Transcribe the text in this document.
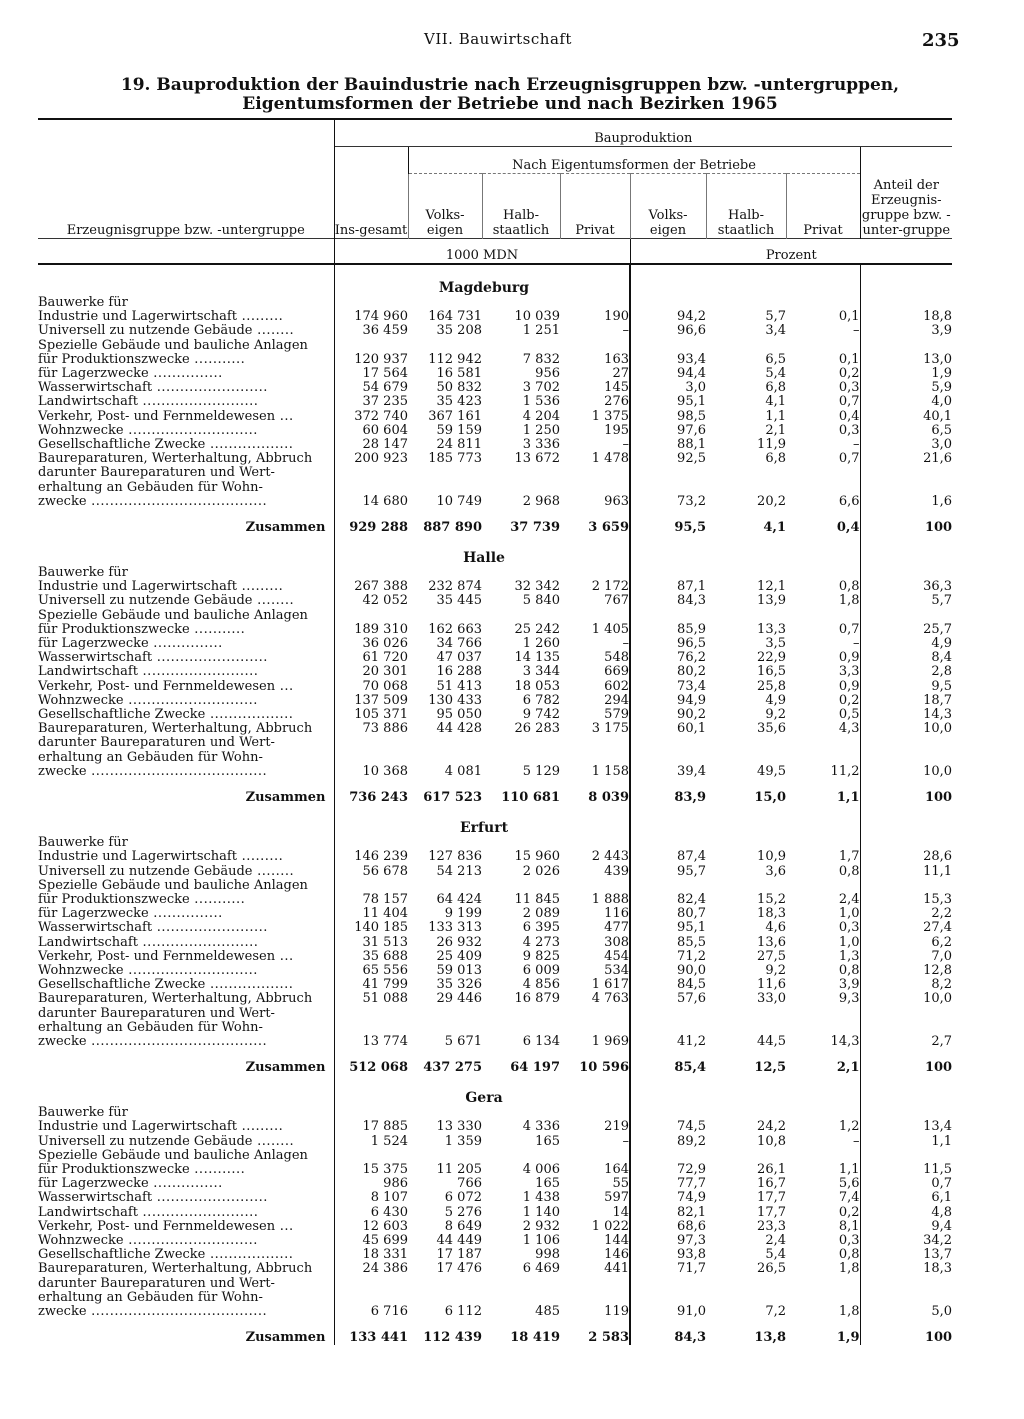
VII. Bauwirtschaft	235
19. Bauproduktion der Bauindustrie nach Erzeugnisgruppen bzw. -untergruppen,
Eigentumsformen der Betriebe und nach Bezirken 1965
Erzeugnisgruppe bzw. -untergruppe	Bauproduktion							
	Ins-gesamt	Nach Eigentumsformen der Betriebe						Anteil der Erzeugnis-gruppe bzw. -unter-gruppe
		Volks-eigen	Halb-staatlich	Privat	Volks-eigen	Halb-staatlich	Privat	
	1000 MDN				Prozent			
		Magdeburg						
Bauwerke für								
Industrie und Lagerwirtschaft .........	174 960	164 731	10 039	190	94,2	5,7	0,1	18,8
Universell zu nutzende Gebäude ........	36 459	35 208	1 251	–	96,6	3,4	–	3,9
Spezielle Gebäude und bauliche Anlagen								
für Produktionszwecke ...........	120 937	112 942	7 832	163	93,4	6,5	0,1	13,0
für Lagerzwecke ...............	17 564	16 581	956	27	94,4	5,4	0,2	1,9
Wasserwirtschaft ........................	54 679	50 832	3 702	145	3,0	6,8	0,3	5,9
Landwirtschaft .........................	37 235	35 423	1 536	276	95,1	4,1	0,7	4,0
Verkehr, Post- und Fernmeldewesen ...	372 740	367 161	4 204	1 375	98,5	1,1	0,4	40,1
Wohnzwecke ............................	60 604	59 159	1 250	195	97,6	2,1	0,3	6,5
Gesellschaftliche Zwecke ..................	28 147	24 811	3 336	–	88,1	11,9	–	3,0
Baureparaturen, Werterhaltung, Abbruch	200 923	185 773	13 672	1 478	92,5	6,8	0,7	21,6
darunter Baureparaturen und Wert-								
erhaltung an Gebäuden für Wohn-								
zwecke ......................................	14 680	10 749	2 968	963	73,2	20,2	6,6	1,6
Zusammen	929 288	887 890	37 739	3 659	95,5	4,1	0,4	100
		Halle						
Bauwerke für								
Industrie und Lagerwirtschaft .........	267 388	232 874	32 342	2 172	87,1	12,1	0,8	36,3
Universell zu nutzende Gebäude ........	42 052	35 445	5 840	767	84,3	13,9	1,8	5,7
Spezielle Gebäude und bauliche Anlagen								
für Produktionszwecke ...........	189 310	162 663	25 242	1 405	85,9	13,3	0,7	25,7
für Lagerzwecke ...............	36 026	34 766	1 260	–	96,5	3,5	–	4,9
Wasserwirtschaft ........................	61 720	47 037	14 135	548	76,2	22,9	0,9	8,4
Landwirtschaft .........................	20 301	16 288	3 344	669	80,2	16,5	3,3	2,8
Verkehr, Post- und Fernmeldewesen ...	70 068	51 413	18 053	602	73,4	25,8	0,9	9,5
Wohnzwecke ............................	137 509	130 433	6 782	294	94,9	4,9	0,2	18,7
Gesellschaftliche Zwecke ..................	105 371	95 050	9 742	579	90,2	9,2	0,5	14,3
Baureparaturen, Werterhaltung, Abbruch	73 886	44 428	26 283	3 175	60,1	35,6	4,3	10,0
darunter Baureparaturen und Wert-								
erhaltung an Gebäuden für Wohn-								
zwecke ......................................	10 368	4 081	5 129	1 158	39,4	49,5	11,2	10,0
Zusammen	736 243	617 523	110 681	8 039	83,9	15,0	1,1	100
		Erfurt						
Bauwerke für								
Industrie und Lagerwirtschaft .........	146 239	127 836	15 960	2 443	87,4	10,9	1,7	28,6
Universell zu nutzende Gebäude ........	56 678	54 213	2 026	439	95,7	3,6	0,8	11,1
Spezielle Gebäude und bauliche Anlagen								
für Produktionszwecke ...........	78 157	64 424	11 845	1 888	82,4	15,2	2,4	15,3
für Lagerzwecke ...............	11 404	9 199	2 089	116	80,7	18,3	1,0	2,2
Wasserwirtschaft ........................	140 185	133 313	6 395	477	95,1	4,6	0,3	27,4
Landwirtschaft .........................	31 513	26 932	4 273	308	85,5	13,6	1,0	6,2
Verkehr, Post- und Fernmeldewesen ...	35 688	25 409	9 825	454	71,2	27,5	1,3	7,0
Wohnzwecke ............................	65 556	59 013	6 009	534	90,0	9,2	0,8	12,8
Gesellschaftliche Zwecke ..................	41 799	35 326	4 856	1 617	84,5	11,6	3,9	8,2
Baureparaturen, Werterhaltung, Abbruch	51 088	29 446	16 879	4 763	57,6	33,0	9,3	10,0
darunter Baureparaturen und Wert-								
erhaltung an Gebäuden für Wohn-								
zwecke ......................................	13 774	5 671	6 134	1 969	41,2	44,5	14,3	2,7
Zusammen	512 068	437 275	64 197	10 596	85,4	12,5	2,1	100
		Gera						
Bauwerke für								
Industrie und Lagerwirtschaft .........	17 885	13 330	4 336	219	74,5	24,2	1,2	13,4
Universell zu nutzende Gebäude ........	1 524	1 359	165	–	89,2	10,8	–	1,1
Spezielle Gebäude und bauliche Anlagen								
für Produktionszwecke ...........	15 375	11 205	4 006	164	72,9	26,1	1,1	11,5
für Lagerzwecke ...............	986	766	165	55	77,7	16,7	5,6	0,7
Wasserwirtschaft ........................	8 107	6 072	1 438	597	74,9	17,7	7,4	6,1
Landwirtschaft .........................	6 430	5 276	1 140	14	82,1	17,7	0,2	4,8
Verkehr, Post- und Fernmeldewesen ...	12 603	8 649	2 932	1 022	68,6	23,3	8,1	9,4
Wohnzwecke ............................	45 699	44 449	1 106	144	97,3	2,4	0,3	34,2
Gesellschaftliche Zwecke ..................	18 331	17 187	998	146	93,8	5,4	0,8	13,7
Baureparaturen, Werterhaltung, Abbruch	24 386	17 476	6 469	441	71,7	26,5	1,8	18,3
darunter Baureparaturen und Wert-								
erhaltung an Gebäuden für Wohn-								
zwecke ......................................	6 716	6 112	485	119	91,0	7,2	1,8	5,0
Zusammen	133 441	112 439	18 419	2 583	84,3	13,8	1,9	100
